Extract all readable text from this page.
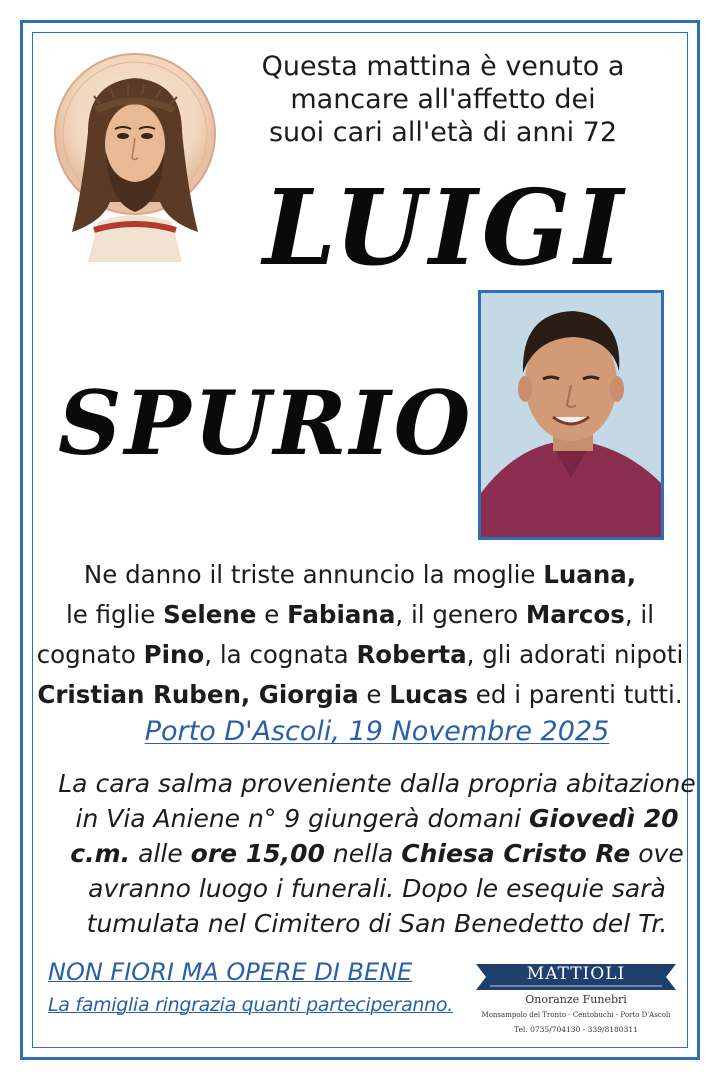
Questa mattina è venuto a
mancare all'affetto dei
suoi cari all'età di anni 72
LUIGI
SPURIO

Ne danno il triste annuncio la moglie Luana,

le figlie Selene e Fabiana, il genero Marcos, il

cognato Pino, la cognata Roberta, gli adorati nipoti

Cristian Ruben, Giorgia e Lucas ed i parenti tutti.

Porto D'Ascoli, 19 Novembre 2025

La cara salma proveniente dalla propria abitazione

in Via Aniene n° 9 giungerà domani Giovedì 20

c.m. alle ore 15,00 nella Chiesa Cristo Re ove

avranno luogo i funerali. Dopo le esequie sarà

tumulata nel Cimitero di San Benedetto del Tr.

NON FIORI MA OPERE DI BENE
La famiglia ringrazia quanti parteciperanno.
MATTIOLI
Onoranze Funebri
Monsampolo del Tronto - Centobuchi - Porto D'Ascoli
Tel. 0735/704130 - 339/8180311
